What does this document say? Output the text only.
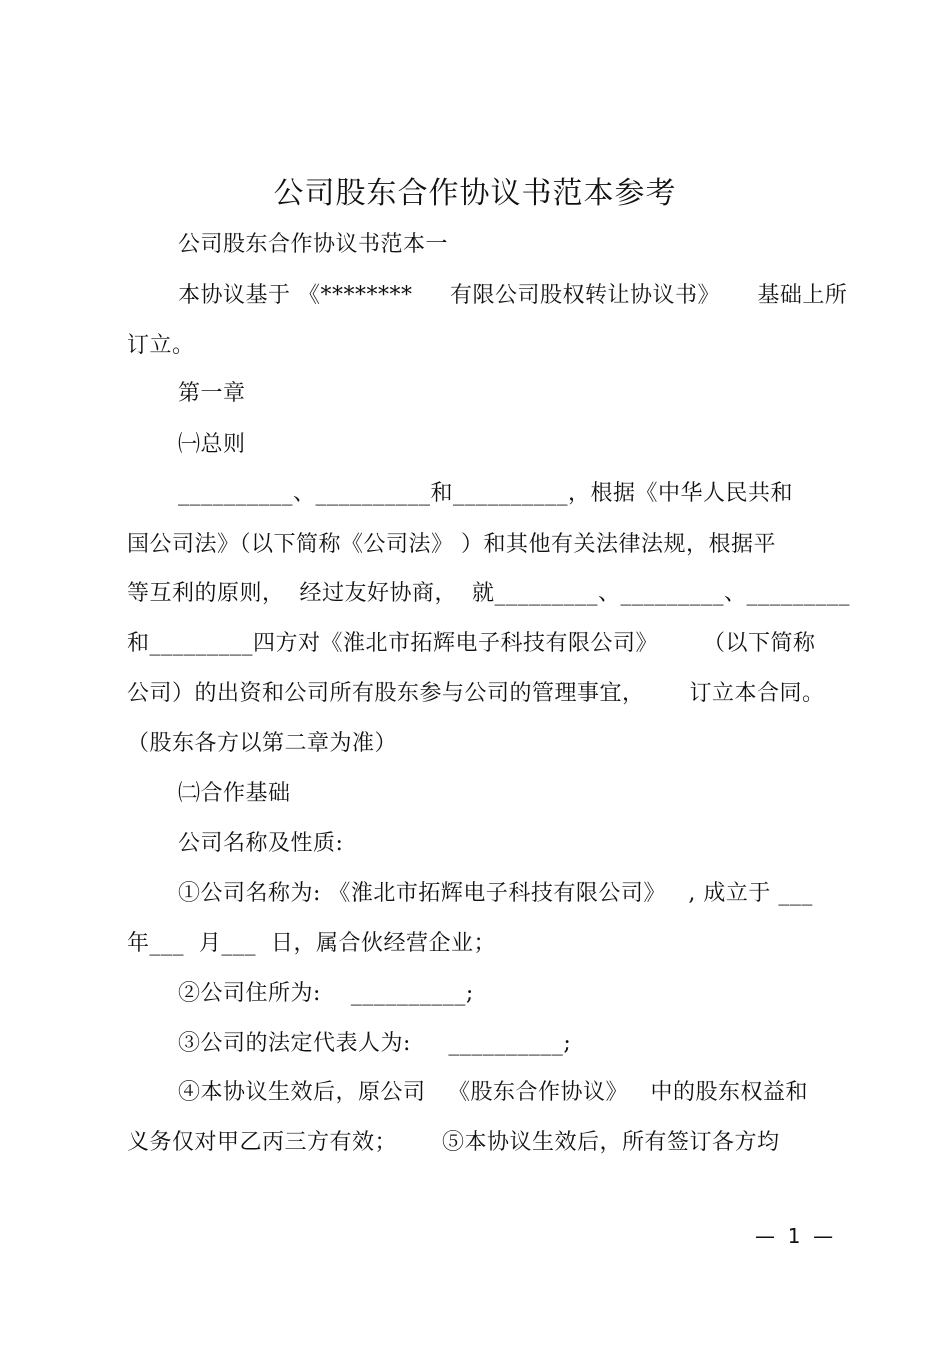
公司股东合作协议书范本参考
公司股东合作协议书范本一
本协议基于 《********     有限公司股权转让协议书》     基础上所
订立。
第一章
㈠总则
__________、__________和__________，根据《中华人民共和
国公司法》（以下简称《公司法》 ）和其他有关法律法规，根据平
等互利的原则，  经过友好协商，  就_________、_________、_________
和_________四方对《淮北市拓辉电子科技有限公司》      （以下简称
公司）的出资和公司所有股东参与公司的管理事宜，      订立本合同。
（股东各方以第二章为准）
㈡合作基础
公司名称及性质:
①公司名称为: 《淮北市拓辉电子科技有限公司》   , 成立于 ___
年___  月___  日，属合伙经营企业；
②公司住所为:    __________;
③公司的法定代表人为:     __________;
④本协议生效后，原公司   《股东合作协议》   中的股东权益和
义务仅对甲乙丙三方有效；      ⑤本协议生效后，所有签订各方均
—  1  —
